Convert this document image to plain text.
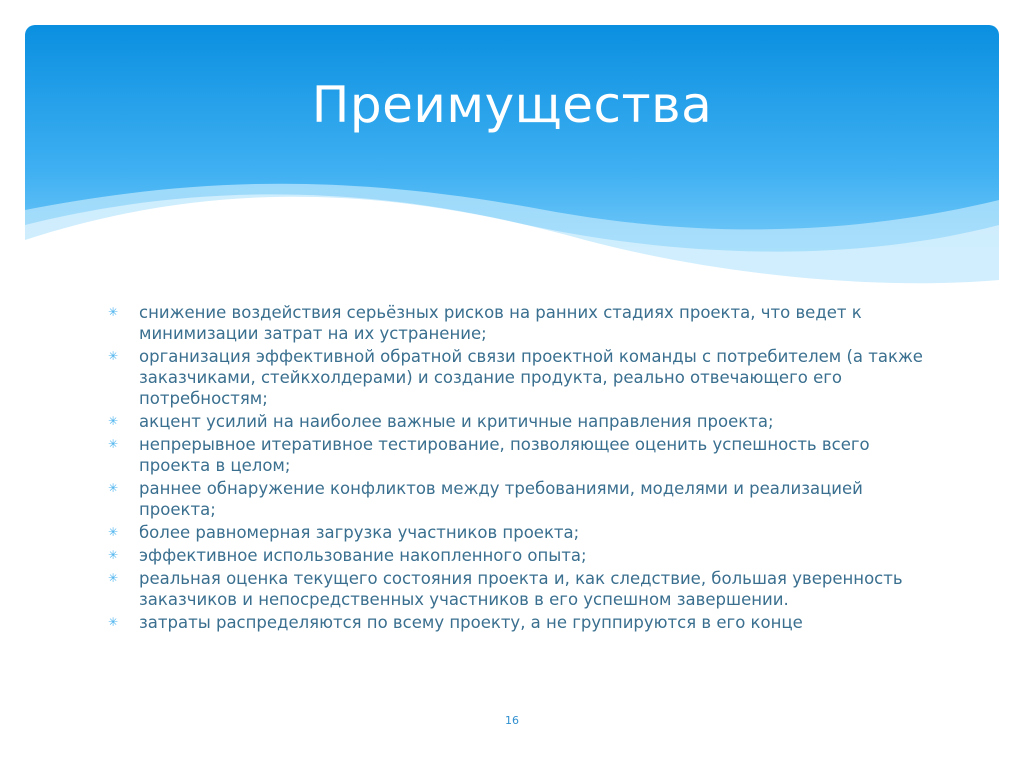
Преимущества
✳ снижение воздействия серьёзных рисков на ранних стадиях проекта, что ведет к минимизации затрат на их устранение;
✳ организация эффективной обратной связи проектной команды с потребителем (а также заказчиками, стейкхолдерами) и создание продукта, реально отвечающего его потребностям;
✳ акцент усилий на наиболее важные и критичные направления проекта;
✳ непрерывное итеративное тестирование, позволяющее оценить успешность всего проекта в целом;
✳ раннее обнаружение конфликтов между требованиями, моделями и реализацией проекта;
✳ более равномерная загрузка участников проекта;
✳ эффективное использование накопленного опыта;
✳ реальная оценка текущего состояния проекта и, как следствие, большая уверенность заказчиков и непосредственных участников в его успешном завершении.
✳ затраты распределяются по всему проекту, а не группируются в его конце
16
